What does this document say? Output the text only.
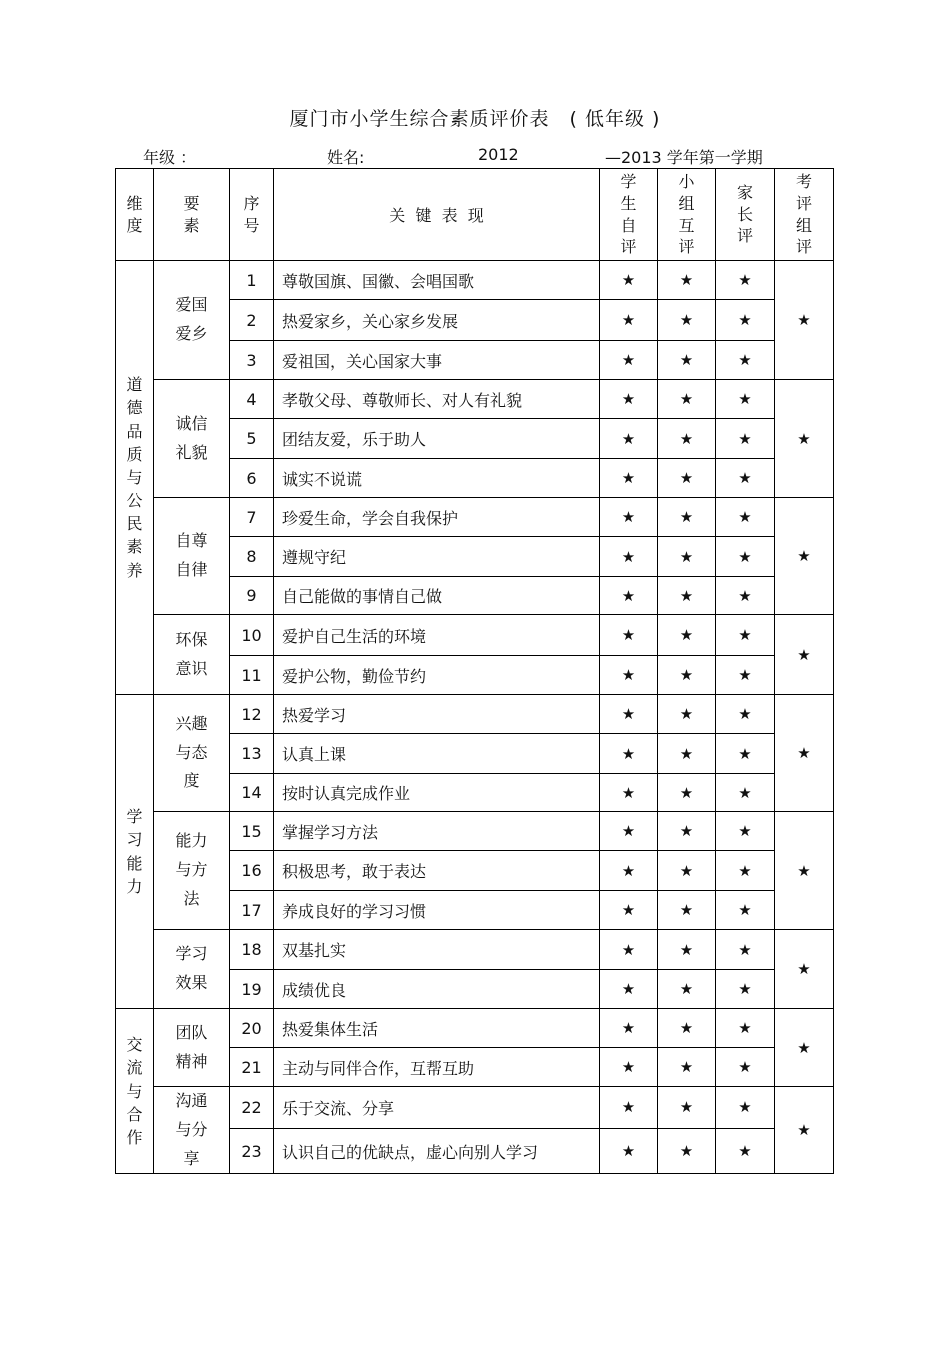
厦门市小学生综合素质评价表　( 低年级 )
年级 ：	姓名:	2012	—2013 学年第一学期
维度	要素	序号	关  键  表  现	学生自评	小组互评	家长评	考评组评
道德品质与公民素养	爱国爱乡	1	尊敬国旗、国徽、会唱国歌	★	★	★	★
		2	热爱家乡，关心家乡发展	★	★	★	
		3	爱祖国，关心国家大事	★	★	★	
	诚信礼貌	4	孝敬父母、尊敬师长、对人有礼貌	★	★	★	★
		5	团结友爱，乐于助人	★	★	★	
		6	诚实不说谎	★	★	★	
	自尊自律	7	珍爱生命，学会自我保护	★	★	★	★
		8	遵规守纪	★	★	★	
		9	自己能做的事情自己做	★	★	★	
	环保意识	10	爱护自己生活的环境	★	★	★	★
		11	爱护公物，勤俭节约	★	★	★	
学习能力	兴趣与态度	12	热爱学习	★	★	★	★
		13	认真上课	★	★	★	
		14	按时认真完成作业	★	★	★	
	能力与方法	15	掌握学习方法	★	★	★	★
		16	积极思考，敢于表达	★	★	★	
		17	养成良好的学习习惯	★	★	★	
	学习效果	18	双基扎实	★	★	★	★
		19	成绩优良	★	★	★	
交流与合作	团队精神	20	热爱集体生活	★	★	★	★
		21	主动与同伴合作，互帮互助	★	★	★	
	沟通与分享	22	乐于交流、分享	★	★	★	★
		23	认识自己的优缺点，虚心向别人学习	★	★	★	
